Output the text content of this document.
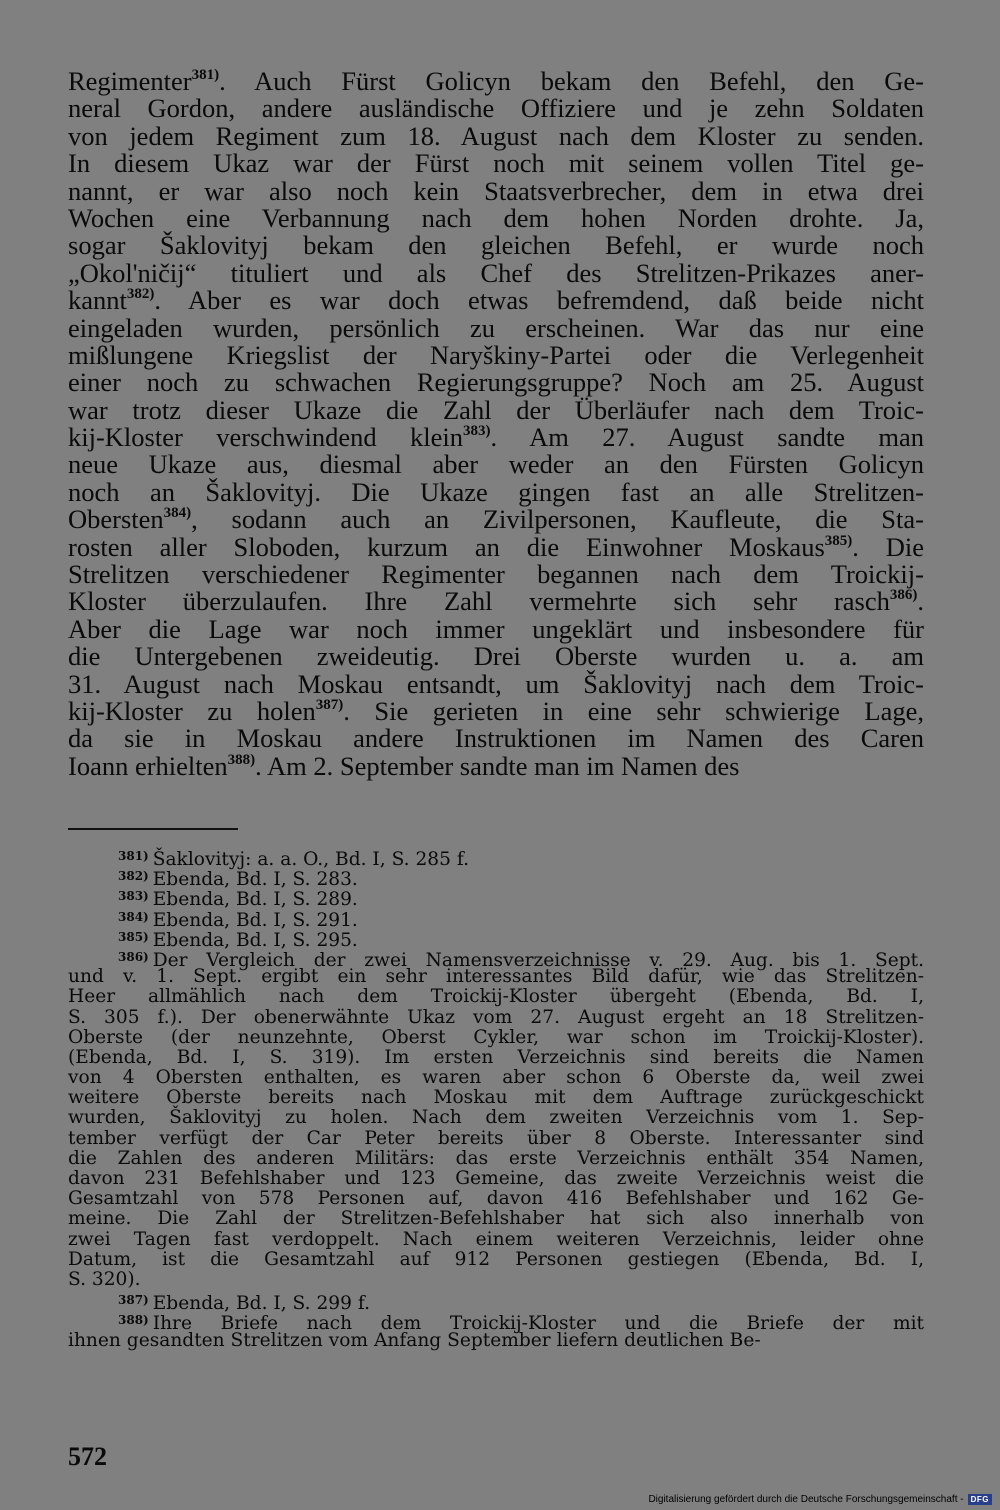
Regimenter$^{381)}$. Auch Fürst Golicyn bekam den Befehl, den Ge-
neral Gordon, andere ausländische Offiziere und je zehn Soldaten
von jedem Regiment zum 18. August nach dem Kloster zu senden.
In diesem Ukaz war der Fürst noch mit seinem vollen Titel ge-
nannt, er war also noch kein Staatsverbrecher, dem in etwa drei
Wochen eine Verbannung nach dem hohen Norden drohte. Ja,
sogar Šaklovityj bekam den gleichen Befehl, er wurde noch
„Okol'ničij“ tituliert und als Chef des Strelitzen-Prikazes aner-
kannt$^{382)}$. Aber es war doch etwas befremdend, daß beide nicht
eingeladen wurden, persönlich zu erscheinen. War das nur eine
mißlungene Kriegslist der Naryškiny-Partei oder die Verlegenheit
einer noch zu schwachen Regierungsgruppe? Noch am 25. August
war trotz dieser Ukaze die Zahl der Überläufer nach dem Troic-
kij-Kloster verschwindend klein$^{383)}$. Am 27. August sandte man
neue Ukaze aus, diesmal aber weder an den Fürsten Golicyn
noch an Šaklovityj. Die Ukaze gingen fast an alle Strelitzen-
Obersten$^{384)}$, sodann auch an Zivilpersonen, Kaufleute, die Sta-
rosten aller Sloboden, kurzum an die Einwohner Moskaus$^{385)}$. Die
Strelitzen verschiedener Regimenter begannen nach dem Troickij-
Kloster überzulaufen. Ihre Zahl vermehrte sich sehr rasch$^{386)}$.
Aber die Lage war noch immer ungeklärt und insbesondere für
die Untergebenen zweideutig. Drei Oberste wurden u. a. am
31. August nach Moskau entsandt, um Šaklovityj nach dem Troic-
kij-Kloster zu holen$^{387)}$. Sie gerieten in eine sehr schwierige Lage,
da sie in Moskau andere Instruktionen im Namen des Caren
Ioann erhielten$^{388)}$. Am 2. September sandte man im Namen des
$^{381)}$ Šaklovityj: a. a. O., Bd. I, S. 285 f.
$^{382)}$ Ebenda, Bd. I, S. 283.
$^{383)}$ Ebenda, Bd. I, S. 289.
$^{384)}$ Ebenda, Bd. I, S. 291.
$^{385)}$ Ebenda, Bd. I, S. 295.
$^{386)}$ Der Vergleich der zwei Namensverzeichnisse v. 29. Aug. bis 1. Sept.
und v. 1. Sept. ergibt ein sehr interessantes Bild dafür, wie das Strelitzen-
Heer allmählich nach dem Troickij-Kloster übergeht (Ebenda, Bd. I,
S. 305 f.). Der obenerwähnte Ukaz vom 27. August ergeht an 18 Strelitzen-
Oberste (der neunzehnte, Oberst Cykler, war schon im Troickij-Kloster).
(Ebenda, Bd. I, S. 319). Im ersten Verzeichnis sind bereits die Namen
von 4 Obersten enthalten, es waren aber schon 6 Oberste da, weil zwei
weitere Oberste bereits nach Moskau mit dem Auftrage zurückgeschickt
wurden, Šaklovityj zu holen. Nach dem zweiten Verzeichnis vom 1. Sep-
tember verfügt der Car Peter bereits über 8 Oberste. Interessanter sind
die Zahlen des anderen Militärs: das erste Verzeichnis enthält 354 Namen,
davon 231 Befehlshaber und 123 Gemeine, das zweite Verzeichnis weist die
Gesamtzahl von 578 Personen auf, davon 416 Befehlshaber und 162 Ge-
meine. Die Zahl der Strelitzen-Befehlshaber hat sich also innerhalb von
zwei Tagen fast verdoppelt. Nach einem weiteren Verzeichnis, leider ohne
Datum, ist die Gesamtzahl auf 912 Personen gestiegen (Ebenda, Bd. I,
S. 320).
$^{387)}$ Ebenda, Bd. I, S. 299 f.
$^{388)}$ Ihre Briefe nach dem Troickij-Kloster und die Briefe der mit
ihnen gesandten Strelitzen vom Anfang September liefern deutlichen Be-
572
Digitalisierung gefördert durch die Deutsche Forschungsgemeinschaft - DFG
